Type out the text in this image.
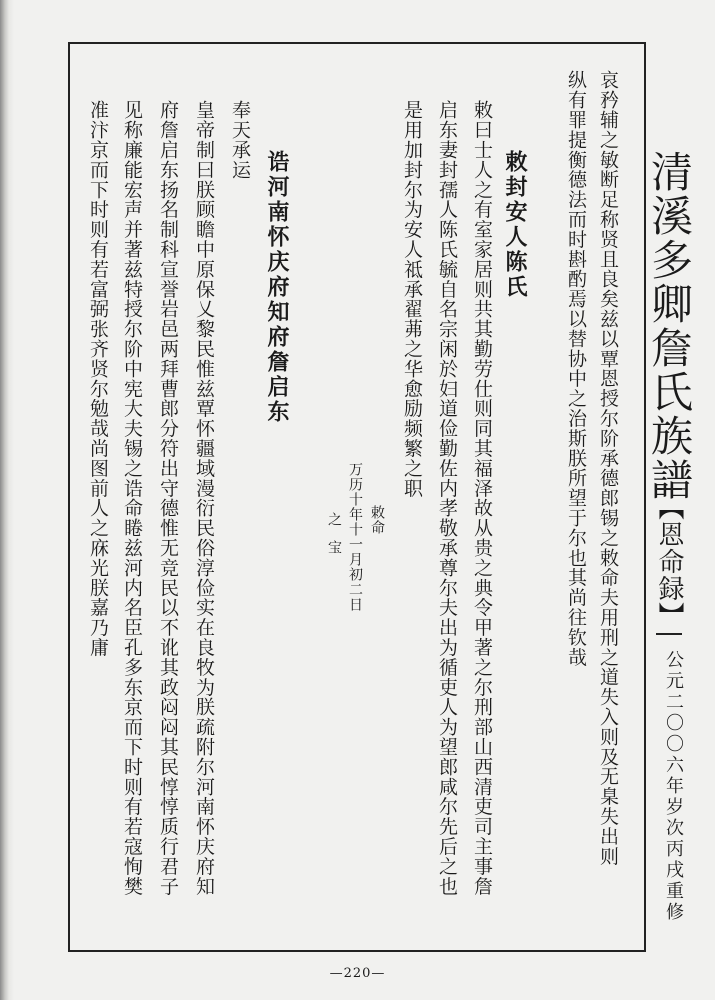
清溪多卿詹氏族譜
【恩命録】
公元二〇〇六年岁次丙戌重修
哀矜辅之敏断足称贤且良矣兹以覃恩授尔阶承德郎锡之敕命夫用刑之道失入则及无臬失出则
纵有罪提衡德法而时斟酌焉以替协中之治斯朕所望于尔也其尚往钦哉
敕封安人陈氏
敕曰士人之有室家居则共其勤劳仕则同其福泽故从贵之典令甲著之尔刑部山西清吏司主事詹
启东妻封孺人陈氏毓自名宗闲於妇道俭勤佐内孝敬承尊尔夫出为循吏人为望郎咸尔先后之也
是用加封尔为安人祗承翟茀之华愈励频繁之职
敕命
万历十年十一月初二日
之宝
诰河南怀庆府知府詹启东
奉天承运
皇帝制曰朕顾瞻中原保乂黎民惟兹覃怀疆域漫衍民俗淳俭实在良牧为朕疏附尔河南怀庆府知
府詹启东扬名制科宣誉岩邑两拜曹郎分符出守德惟无竞民以不讹其政闷闷其民惇惇质行君子
见称廉能宏声并著兹特授尔阶中宪大夫锡之诰命睠兹河内名臣孔多东京而下时则有若寇恂樊
准汴京而下时则有若富弼张齐贤尔勉哉尚图前人之庥光朕嘉乃庸
—220—
